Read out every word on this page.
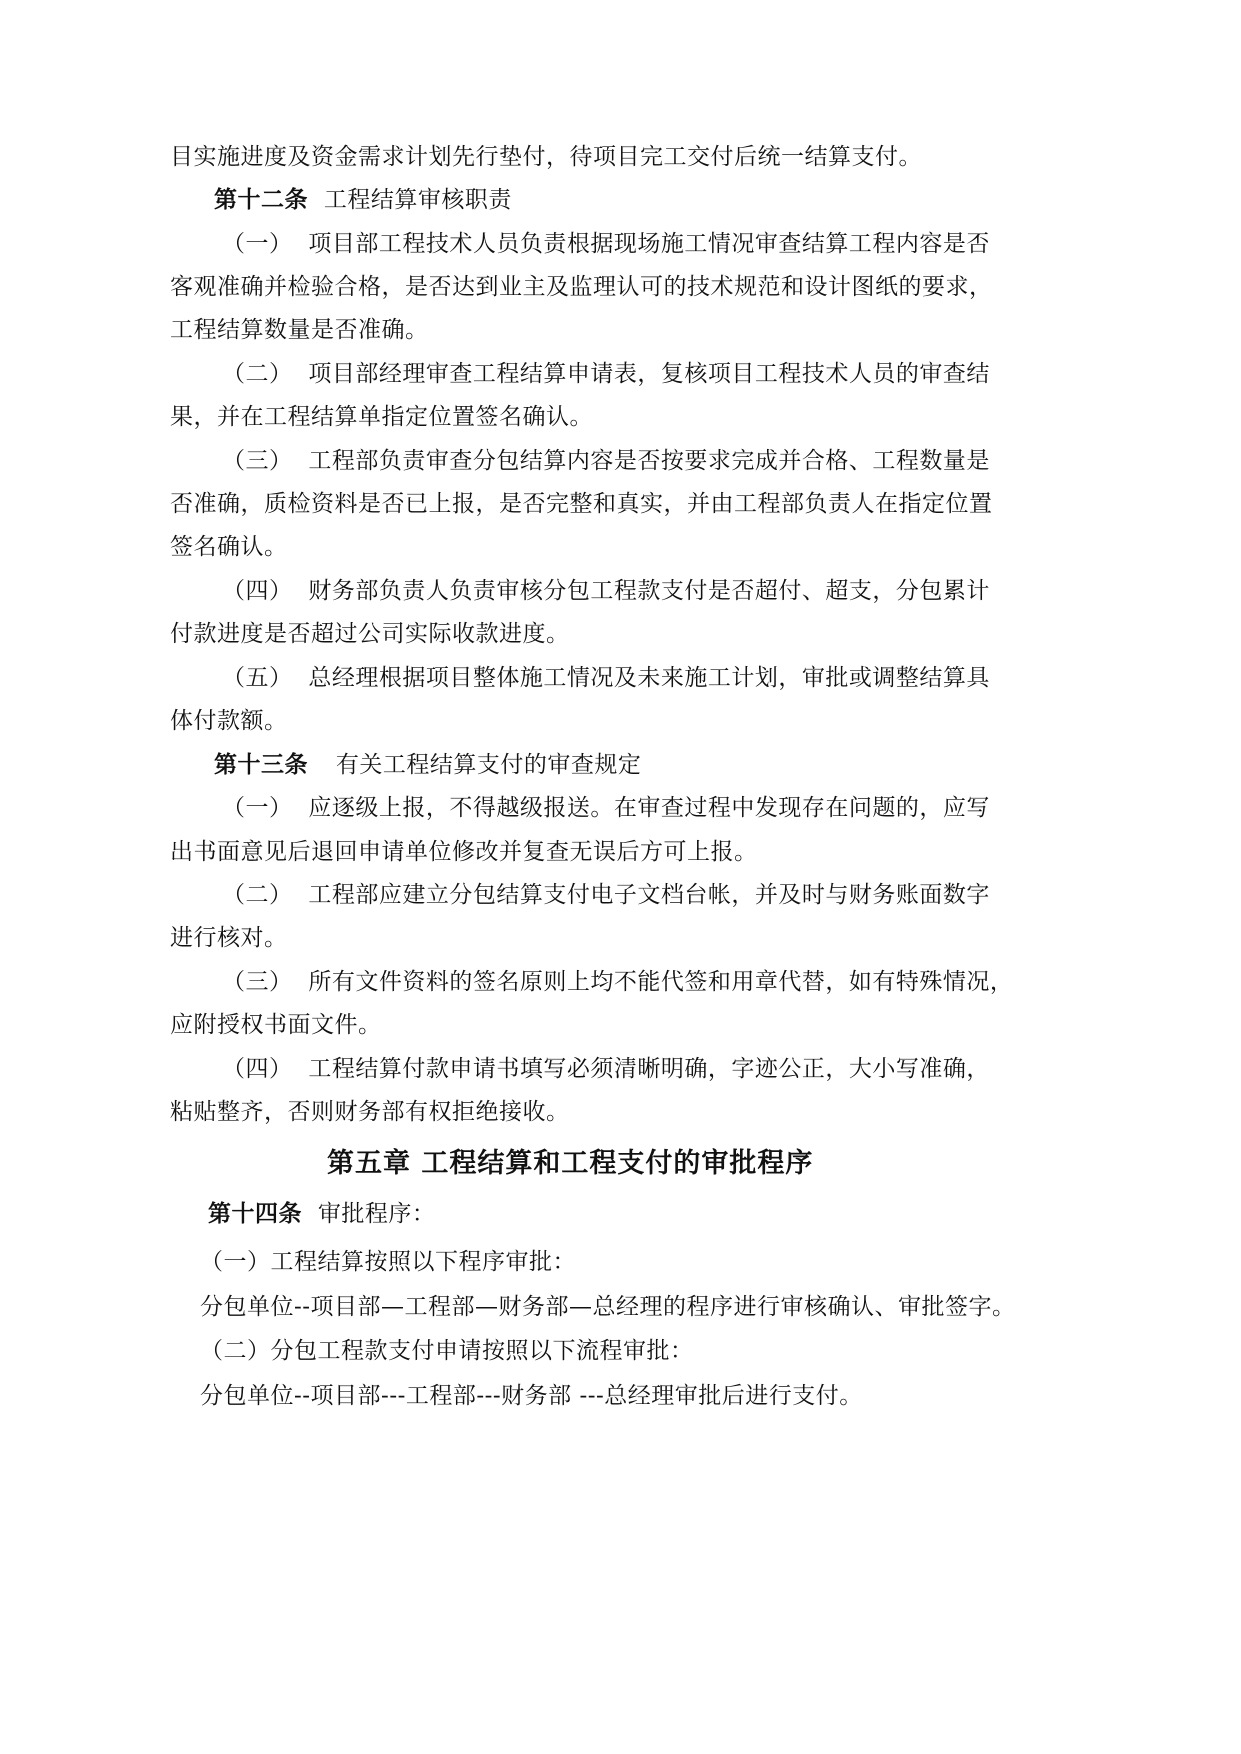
目实施进度及资金需求计划先行垫付，待项目完工交付后统一结算支付。
第十二条 工程结算审核职责
（一） 项目部工程技术人员负责根据现场施工情况审查结算工程内容是否
客观准确并检验合格，是否达到业主及监理认可的技术规范和设计图纸的要求，
工程结算数量是否准确。
（二） 项目部经理审查工程结算申请表，复核项目工程技术人员的审查结
果，并在工程结算单指定位置签名确认。
（三） 工程部负责审查分包结算内容是否按要求完成并合格、工程数量是
否准确，质检资料是否已上报，是否完整和真实，并由工程部负责人在指定位置
签名确认。
（四） 财务部负责人负责审核分包工程款支付是否超付、超支，分包累计
付款进度是否超过公司实际收款进度。
（五） 总经理根据项目整体施工情况及未来施工计划，审批或调整结算具
体付款额。
第十三条 有关工程结算支付的审查规定
（一） 应逐级上报，不得越级报送。在审查过程中发现存在问题的，应写
出书面意见后退回申请单位修改并复查无误后方可上报。
（二） 工程部应建立分包结算支付电子文档台帐，并及时与财务账面数字
进行核对。
（三） 所有文件资料的签名原则上均不能代签和用章代替，如有特殊情况，
应附授权书面文件。
（四） 工程结算付款申请书填写必须清晰明确，字迹公正，大小写准确，
粘贴整齐，否则财务部有权拒绝接收。
第五章 工程结算和工程支付的审批程序
第十四条 审批程序：
（一）工程结算按照以下程序审批：
分包单位--项目部—工程部—财务部—总经理的程序进行审核确认、审批签字。
（二）分包工程款支付申请按照以下流程审批：
分包单位--项目部---工程部---财务部 ---总经理审批后进行支付。
